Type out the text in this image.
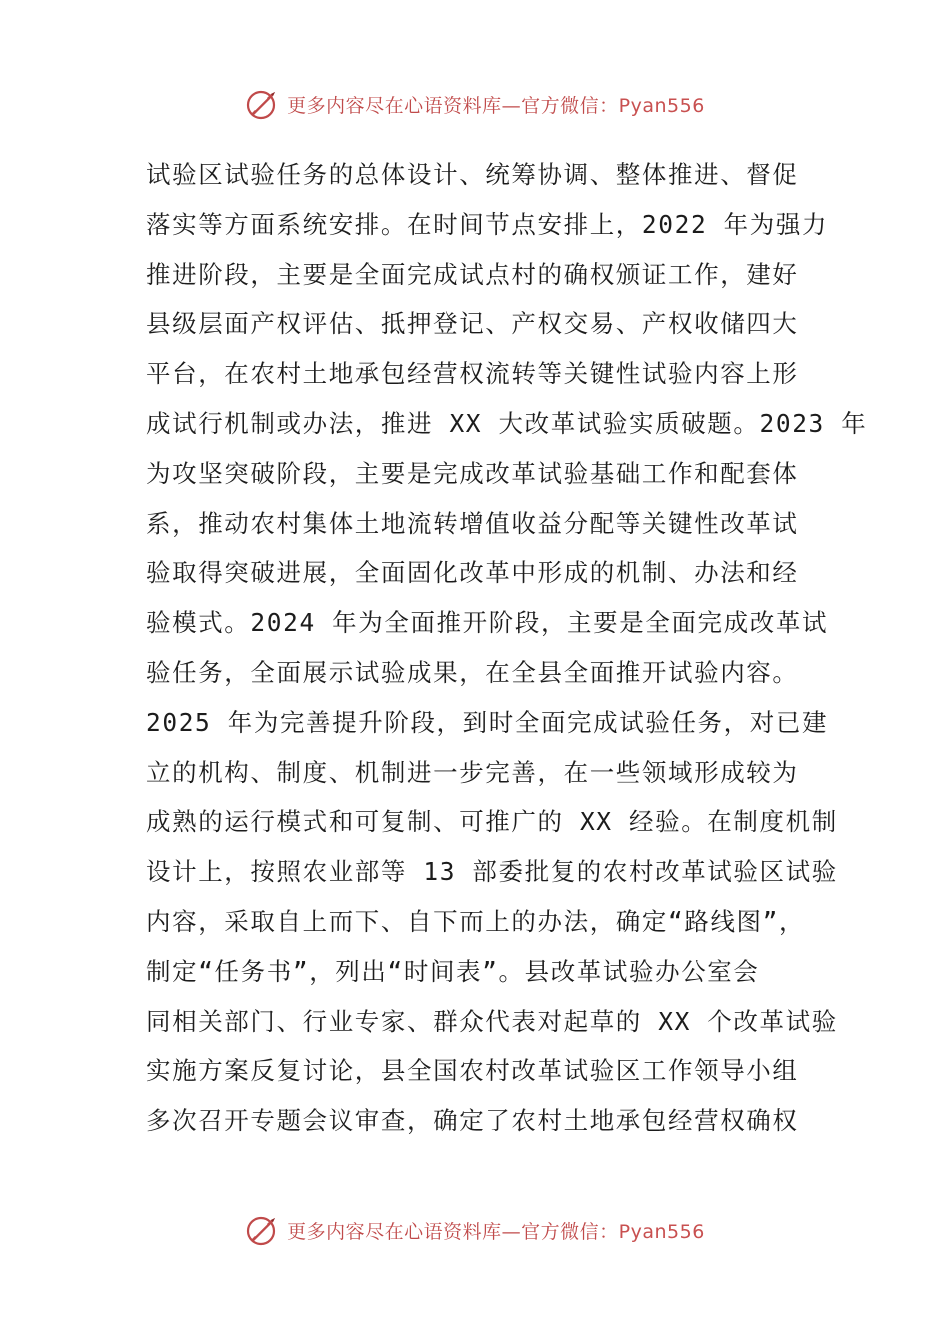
更多内容尽在心语资料库—官方微信：Pyan556
试验区试验任务的总体设计、统筹协调、整体推进、督促
落实等方面系统安排。在时间节点安排上，2022 年为强力
推进阶段，主要是全面完成试点村的确权颁证工作，建好
县级层面产权评估、抵押登记、产权交易、产权收储四大
平台，在农村土地承包经营权流转等关键性试验内容上形
成试行机制或办法，推进 XX 大改革试验实质破题。2023 年
为攻坚突破阶段，主要是完成改革试验基础工作和配套体
系，推动农村集体土地流转增值收益分配等关键性改革试
验取得突破进展，全面固化改革中形成的机制、办法和经
验模式。2024 年为全面推开阶段，主要是全面完成改革试
验任务，全面展示试验成果，在全县全面推开试验内容。
2025 年为完善提升阶段，到时全面完成试验任务，对已建
立的机构、制度、机制进一步完善，在一些领域形成较为
成熟的运行模式和可复制、可推广的 XX 经验。在制度机制
设计上，按照农业部等 13 部委批复的农村改革试验区试验
内容，采取自上而下、自下而上的办法，确定“路线图”，
制定“任务书”，列出“时间表”。县改革试验办公室会
同相关部门、行业专家、群众代表对起草的 XX 个改革试验
实施方案反复讨论，县全国农村改革试验区工作领导小组
多次召开专题会议审查，确定了农村土地承包经营权确权
更多内容尽在心语资料库—官方微信：Pyan556
